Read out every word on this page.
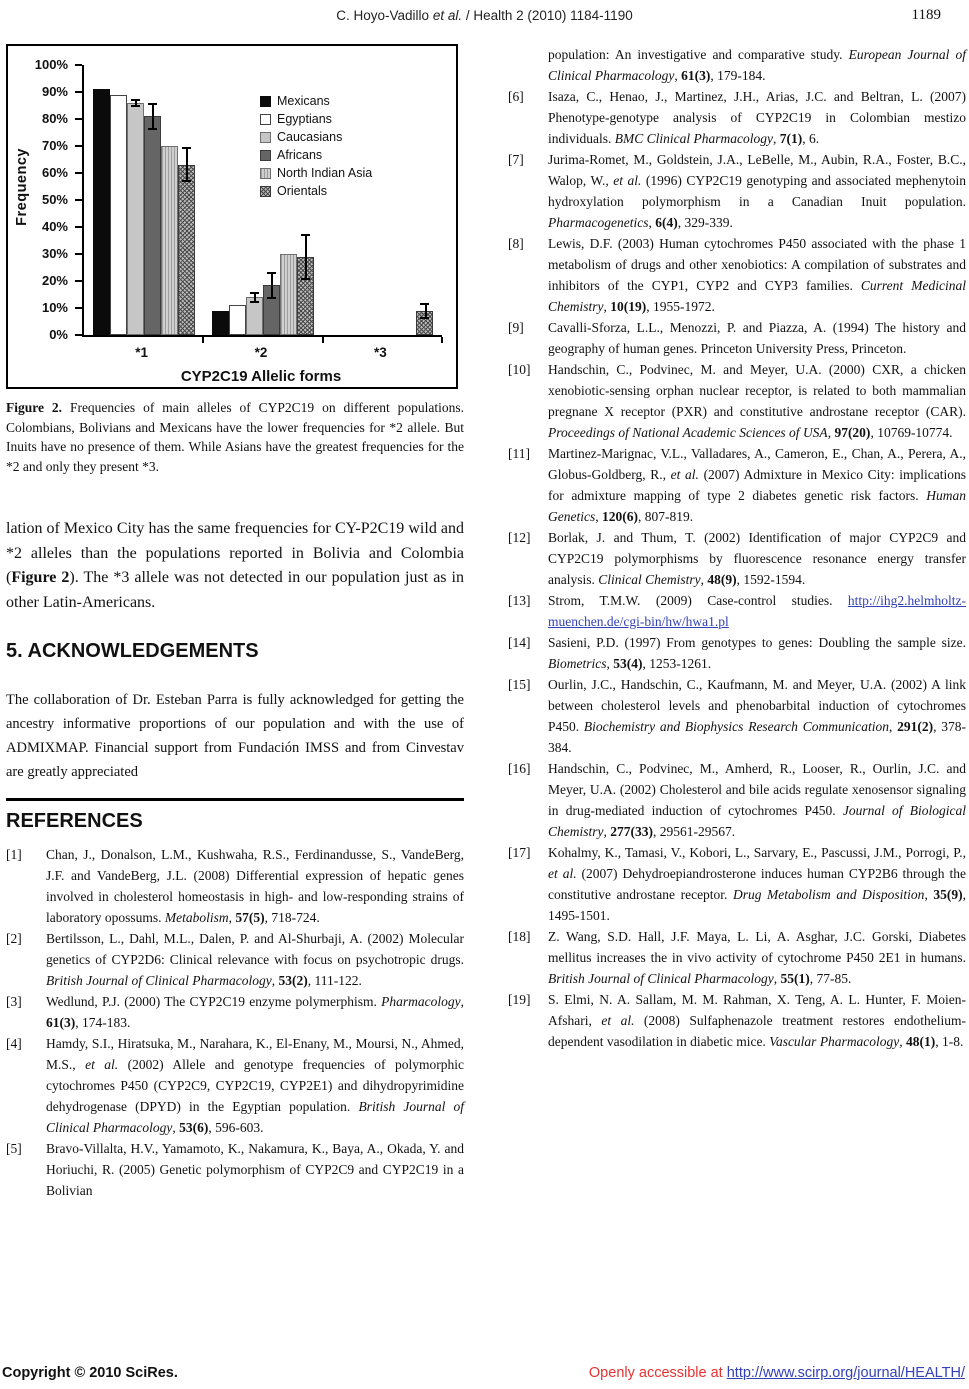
C. Hoyo-Vadillo et al. / Health 2 (2010) 1184-1190	1189
Frequency
0%
10%
20%
30%
40%
50%
60%
70%
80%
90%
100%
*1	*2	*3
CYP2C19 Allelic forms
Mexicans
Egyptians
Caucasians
Africans
North Indian Asia
Orientals
Figure 2. Frequencies of main alleles of CYP2C19 on different populations. Colombians, Bolivians and Mexicans have the lower frequencies for *2 allele. But Inuits have no presence of them. While Asians have the greatest frequencies for the *2 and only they present *3.
lation of Mexico City has the same frequencies for CY-P2C19 wild and *2 alleles than the populations reported in Bolivia and Colombia (Figure 2). The *3 allele was not detected in our population just as in other Latin-Americans.
5. ACKNOWLEDGEMENTS
The collaboration of Dr. Esteban Parra is fully acknowledged for getting the ancestry informative proportions of our population and with the use of ADMIXMAP. Financial support from Fundación IMSS and from Cinvestav are greatly appreciated
REFERENCES
[1] Chan, J., Donalson, L.M., Kushwaha, R.S., Ferdinandusse, S., VandeBerg, J.F. and VandeBerg, J.L. (2008) Differential expression of hepatic genes involved in cholesterol homeostasis in high- and low-responding strains of laboratory opossums. Metabolism, 57(5), 718-724.
[2] Bertilsson, L., Dahl, M.L., Dalen, P. and Al-Shurbaji, A. (2002) Molecular genetics of CYP2D6: Clinical relevance with focus on psychotropic drugs. British Journal of Clinical Pharmacology, 53(2), 111-122.
[3] Wedlund, P.J. (2000) The CYP2C19 enzyme polymerphism. Pharmacology, 61(3), 174-183.
[4] Hamdy, S.I., Hiratsuka, M., Narahara, K., El-Enany, M., Moursi, N., Ahmed, M.S., et al. (2002) Allele and genotype frequencies of polymorphic cytochromes P450 (CYP2C9, CYP2C19, CYP2E1) and dihydropyrimidine dehydrogenase (DPYD) in the Egyptian population. British Journal of Clinical Pharmacology, 53(6), 596-603.
[5] Bravo-Villalta, H.V., Yamamoto, K., Nakamura, K., Baya, A., Okada, Y. and Horiuchi, R. (2005) Genetic polymorphism of CYP2C9 and CYP2C19 in a Bolivian
population: An investigative and comparative study. European Journal of Clinical Pharmacology, 61(3), 179-184.
[6] Isaza, C., Henao, J., Martinez, J.H., Arias, J.C. and Beltran, L. (2007) Phenotype-genotype analysis of CYP2C19 in Colombian mestizo individuals. BMC Clinical Pharmacology, 7(1), 6.
[7] Jurima-Romet, M., Goldstein, J.A., LeBelle, M., Aubin, R.A., Foster, B.C., Walop, W., et al. (1996) CYP2C19 genotyping and associated mephenytoin hydroxylation polymorphism in a Canadian Inuit population. Pharmacogenetics, 6(4), 329-339.
[8] Lewis, D.F. (2003) Human cytochromes P450 associated with the phase 1 metabolism of drugs and other xenobiotics: A compilation of substrates and inhibitors of the CYP1, CYP2 and CYP3 families. Current Medicinal Chemistry, 10(19), 1955-1972.
[9] Cavalli-Sforza, L.L., Menozzi, P. and Piazza, A. (1994) The history and geography of human genes. Princeton University Press, Princeton.
[10] Handschin, C., Podvinec, M. and Meyer, U.A. (2000) CXR, a chicken xenobiotic-sensing orphan nuclear receptor, is related to both mammalian pregnane X receptor (PXR) and constitutive androstane receptor (CAR). Proceedings of National Academic Sciences of USA, 97(20), 10769-10774.
[11] Martinez-Marignac, V.L., Valladares, A., Cameron, E., Chan, A., Perera, A., Globus-Goldberg, R., et al. (2007) Admixture in Mexico City: implications for admixture mapping of type 2 diabetes genetic risk factors. Human Genetics, 120(6), 807-819.
[12] Borlak, J. and Thum, T. (2002) Identification of major CYP2C9 and CYP2C19 polymorphisms by fluorescence resonance energy transfer analysis. Clinical Chemistry, 48(9), 1592-1594.
[13] Strom, T.M.W. (2009) Case-control studies. http://ihg2.helmholtz-muenchen.de/cgi-bin/hw/hwa1.pl
[14] Sasieni, P.D. (1997) From genotypes to genes: Doubling the sample size. Biometrics, 53(4), 1253-1261.
[15] Ourlin, J.C., Handschin, C., Kaufmann, M. and Meyer, U.A. (2002) A link between cholesterol levels and phenobarbital induction of cytochromes P450. Biochemistry and Biophysics Research Communication, 291(2), 378-384.
[16] Handschin, C., Podvinec, M., Amherd, R., Looser, R., Ourlin, J.C. and Meyer, U.A. (2002) Cholesterol and bile acids regulate xenosensor signaling in drug-mediated induction of cytochromes P450. Journal of Biological Chemistry, 277(33), 29561-29567.
[17] Kohalmy, K., Tamasi, V., Kobori, L., Sarvary, E., Pascussi, J.M., Porrogi, P., et al. (2007) Dehydroepiandrosterone induces human CYP2B6 through the constitutive androstane receptor. Drug Metabolism and Disposition, 35(9), 1495-1501.
[18] Z. Wang, S.D. Hall, J.F. Maya, L. Li, A. Asghar, J.C. Gorski, Diabetes mellitus increases the in vivo activity of cytochrome P450 2E1 in humans. British Journal of Clinical Pharmacology, 55(1), 77-85.
[19] S. Elmi, N. A. Sallam, M. M. Rahman, X. Teng, A. L. Hunter, F. Moien-Afshari, et al. (2008) Sulfaphenazole treatment restores endothelium-dependent vasodilation in diabetic mice. Vascular Pharmacology, 48(1), 1-8.
Copyright © 2010 SciRes.	Openly accessible at http://www.scirp.org/journal/HEALTH/
